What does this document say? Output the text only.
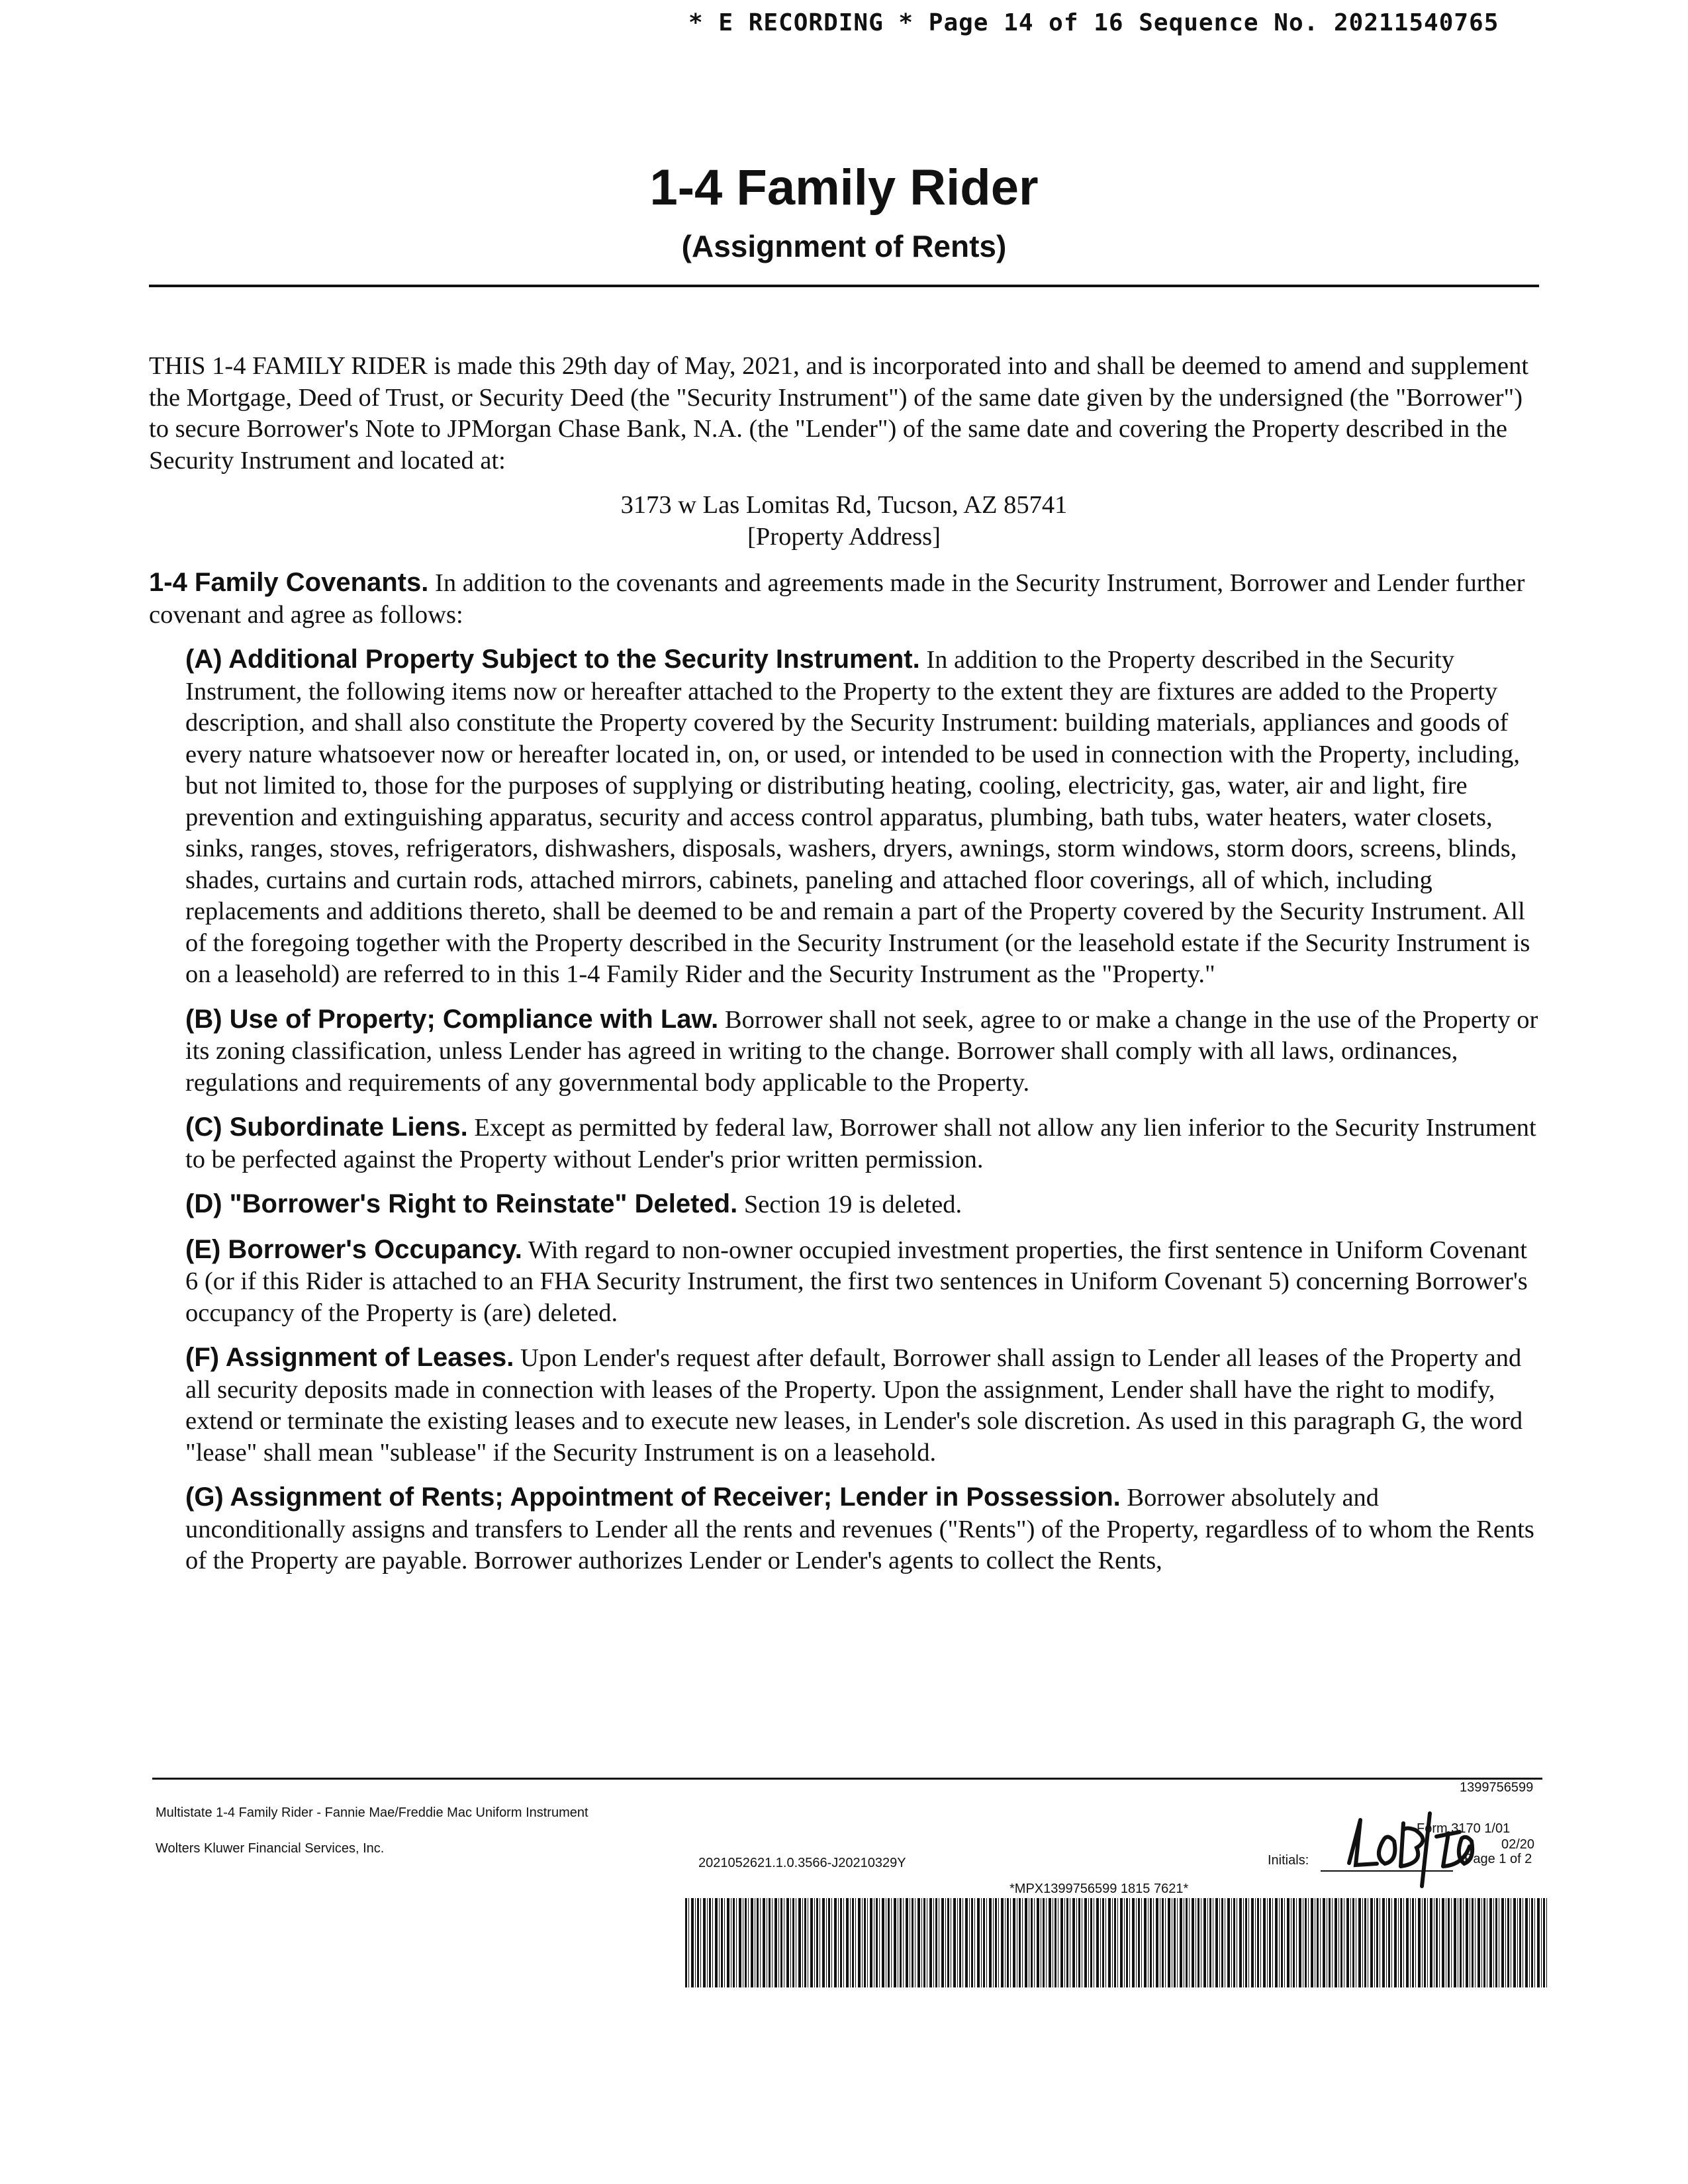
* E RECORDING * Page 14 of 16 Sequence No. 20211540765
1-4 Family Rider
(Assignment of Rents)

THIS 1-4 FAMILY RIDER is made this 29th day of May, 2021, and is incorporated into and shall be deemed to amend and supplement the Mortgage, Deed of Trust, or Security Deed (the "Security Instrument") of the same date given by the undersigned (the "Borrower") to secure Borrower's Note to JPMorgan Chase Bank, N.A. (the "Lender") of the same date and covering the Property described in the Security Instrument and located at:

3173 w Las Lomitas Rd, Tucson, AZ 85741
[Property Address]

1-4 Family Covenants. In addition to the covenants and agreements made in the Security Instrument, Borrower and Lender further covenant and agree as follows:

(A) Additional Property Subject to the Security Instrument. In addition to the Property described in the Security Instrument, the following items now or hereafter attached to the Property to the extent they are fixtures are added to the Property description, and shall also constitute the Property covered by the Security Instrument: building materials, appliances and goods of every nature whatsoever now or hereafter located in, on, or used, or intended to be used in connection with the Property, including, but not limited to, those for the purposes of supplying or distributing heating, cooling, electricity, gas, water, air and light, fire prevention and extinguishing apparatus, security and access control apparatus, plumbing, bath tubs, water heaters, water closets, sinks, ranges, stoves, refrigerators, dishwashers, disposals, washers, dryers, awnings, storm windows, storm doors, screens, blinds, shades, curtains and curtain rods, attached mirrors, cabinets, paneling and attached floor coverings, all of which, including replacements and additions thereto, shall be deemed to be and remain a part of the Property covered by the Security Instrument. All of the foregoing together with the Property described in the Security Instrument (or the leasehold estate if the Security Instrument is on a leasehold) are referred to in this 1-4 Family Rider and the Security Instrument as the "Property."

(B) Use of Property; Compliance with Law. Borrower shall not seek, agree to or make a change in the use of the Property or its zoning classification, unless Lender has agreed in writing to the change. Borrower shall comply with all laws, ordinances, regulations and requirements of any governmental body applicable to the Property.

(C) Subordinate Liens. Except as permitted by federal law, Borrower shall not allow any lien inferior to the Security Instrument to be perfected against the Property without Lender's prior written permission.

(D) "Borrower's Right to Reinstate" Deleted. Section 19 is deleted.

(E) Borrower's Occupancy. With regard to non-owner occupied investment properties, the first sentence in Uniform Covenant 6 (or if this Rider is attached to an FHA Security Instrument, the first two sentences in Uniform Covenant 5) concerning Borrower's occupancy of the Property is (are) deleted.

(F) Assignment of Leases. Upon Lender's request after default, Borrower shall assign to Lender all leases of the Property and all security deposits made in connection with leases of the Property. Upon the assignment, Lender shall have the right to modify, extend or terminate the existing leases and to execute new leases, in Lender's sole discretion. As used in this paragraph G, the word "lease" shall mean "sublease" if the Security Instrument is on a leasehold.

(G) Assignment of Rents; Appointment of Receiver; Lender in Possession. Borrower absolutely and unconditionally assigns and transfers to Lender all the rents and revenues ("Rents") of the Property, regardless of to whom the Rents of the Property are payable. Borrower authorizes Lender or Lender's agents to collect the Rents,

1399756599
Multistate 1-4 Family Rider - Fannie Mae/Freddie Mac Uniform Instrument
Wolters Kluwer Financial Services, Inc.
Form 3170 1/01
02/20
2021052621.1.0.3566-J20210329Y	Initials:	Page 1 of 2
*MPX1399756599 1815 7621*
